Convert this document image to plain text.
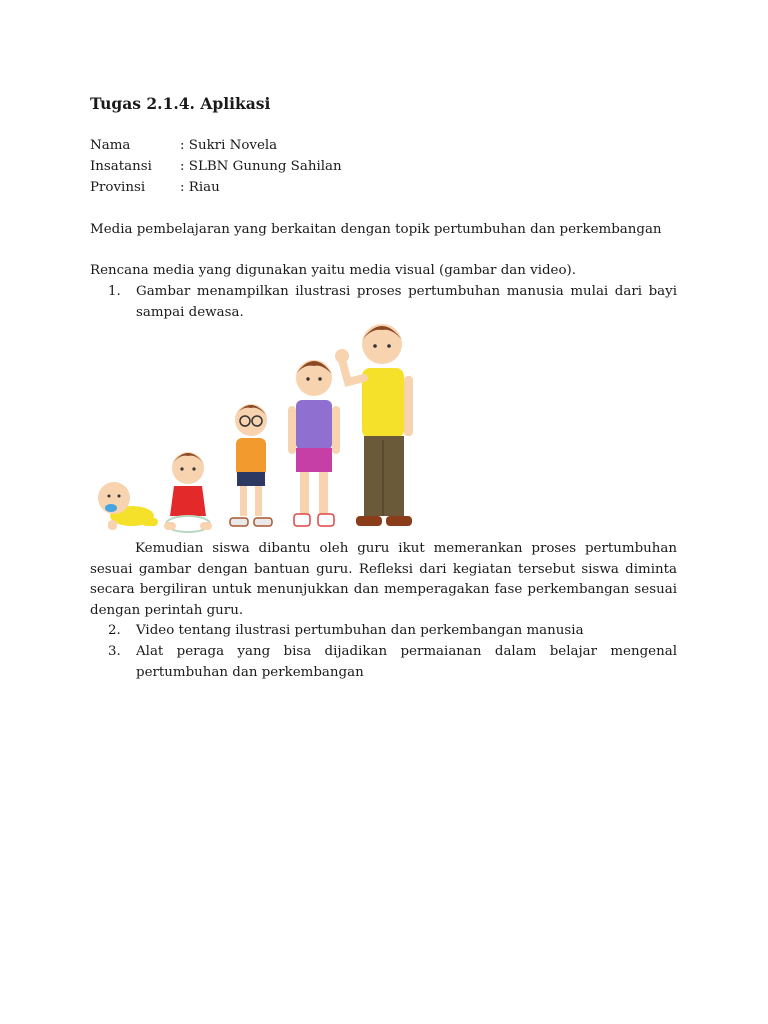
Tugas 2.1.4. Aplikasi
Nama	: Sukri Novela
Insatansi : SLBN Gunung Sahilan
Provinsi	: Riau
Media pembelajaran yang berkaitan dengan topik pertumbuhan dan perkembangan
Rencana media yang digunakan yaitu media visual (gambar dan video).
1. Gambar menampilkan ilustrasi proses pertumbuhan manusia mulai dari bayi sampai dewasa.
Kemudian siswa dibantu oleh guru ikut memerankan proses pertumbuhan sesuai gambar dengan bantuan guru. Refleksi dari kegiatan tersebut siswa diminta secara bergiliran untuk menunjukkan dan memperagakan fase perkembangan sesuai dengan perintah guru.
2. Video tentang ilustrasi pertumbuhan dan perkembangan manusia
3. Alat peraga yang bisa dijadikan permaianan dalam belajar mengenal pertumbuhan dan perkembangan
